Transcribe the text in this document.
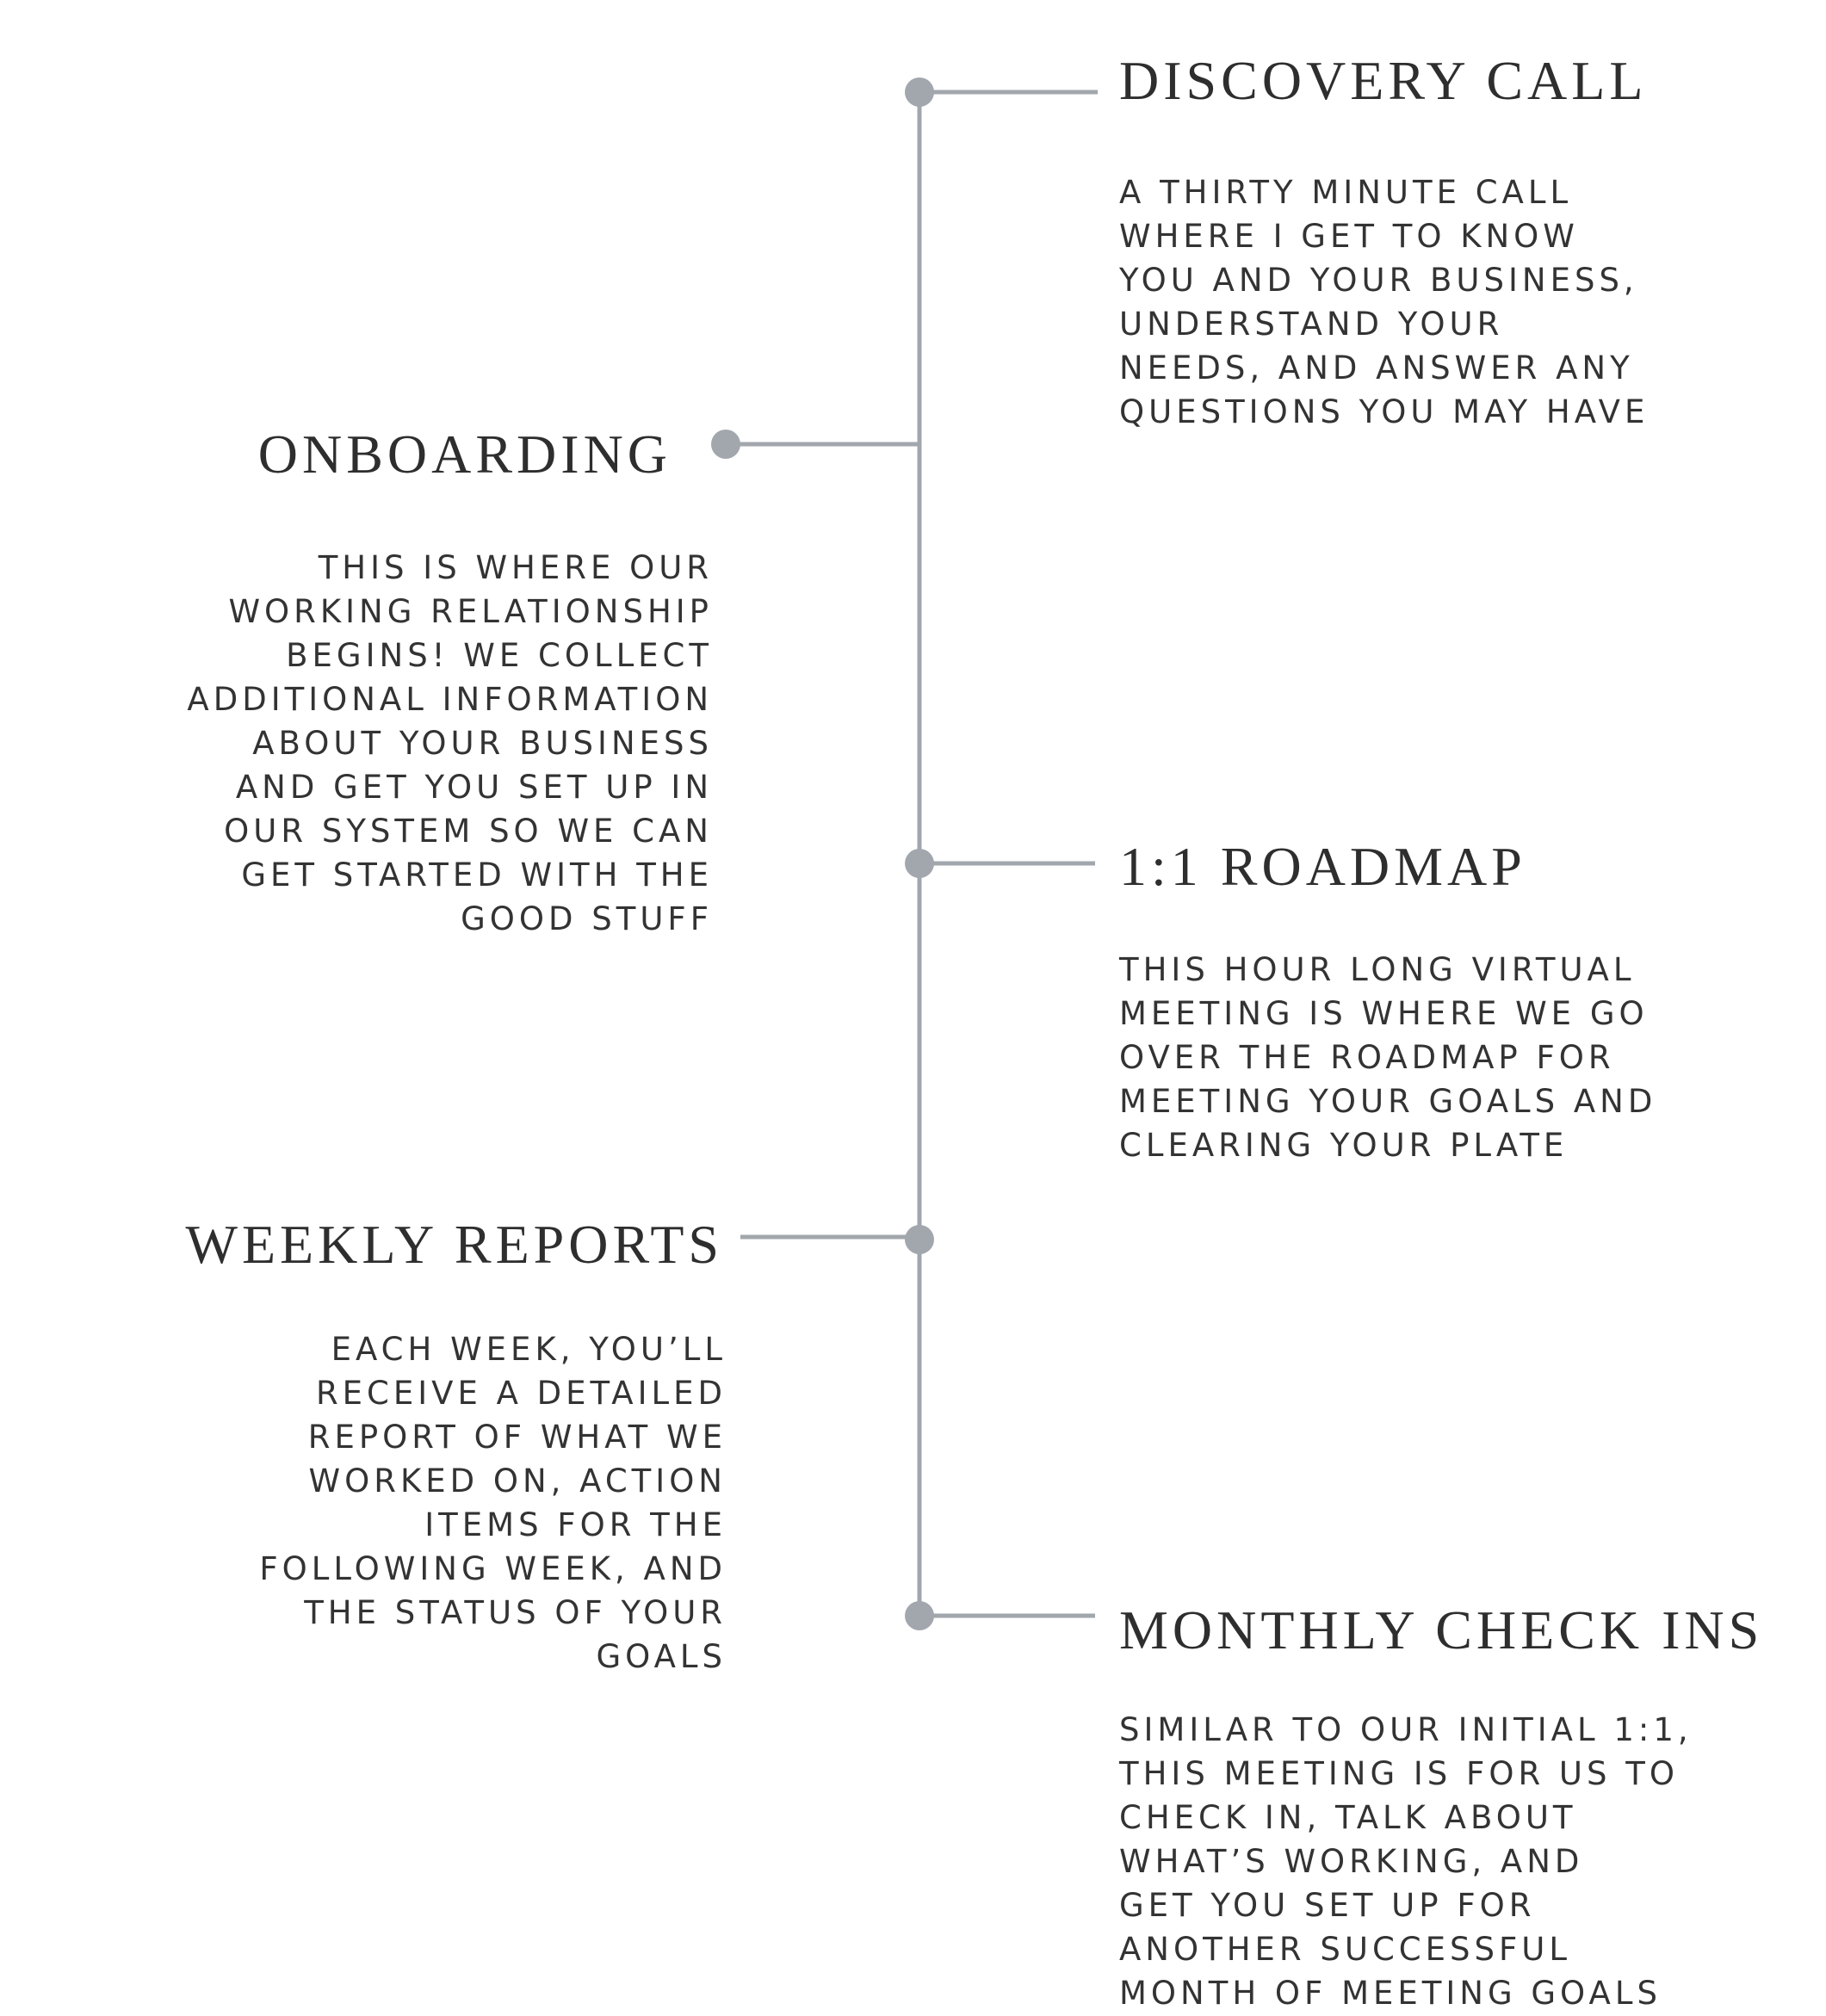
DISCOVERY CALL

A THIRTY MINUTE CALL
WHERE I GET TO KNOW
YOU AND YOUR BUSINESS,
UNDERSTAND YOUR
NEEDS, AND ANSWER ANY
QUESTIONS YOU MAY HAVE

ONBOARDING

THIS IS WHERE OUR
WORKING RELATIONSHIP
BEGINS! WE COLLECT
ADDITIONAL INFORMATION
ABOUT YOUR BUSINESS
AND GET YOU SET UP IN
OUR SYSTEM SO WE CAN
GET STARTED WITH THE
GOOD STUFF

1:1 ROADMAP

THIS HOUR LONG VIRTUAL
MEETING IS WHERE WE GO
OVER THE ROADMAP FOR
MEETING YOUR GOALS AND
CLEARING YOUR PLATE

WEEKLY REPORTS

EACH WEEK, YOU’LL
RECEIVE A DETAILED
REPORT OF WHAT WE
WORKED ON, ACTION
ITEMS FOR THE
FOLLOWING WEEK, AND
THE STATUS OF YOUR
GOALS	MONTHLY CHECK INS

SIMILAR TO OUR INITIAL 1:1,
THIS MEETING IS FOR US TO
CHECK IN, TALK ABOUT
WHAT’S WORKING, AND
GET YOU SET UP FOR
ANOTHER SUCCESSFUL
MONTH OF MEETING GOALS
